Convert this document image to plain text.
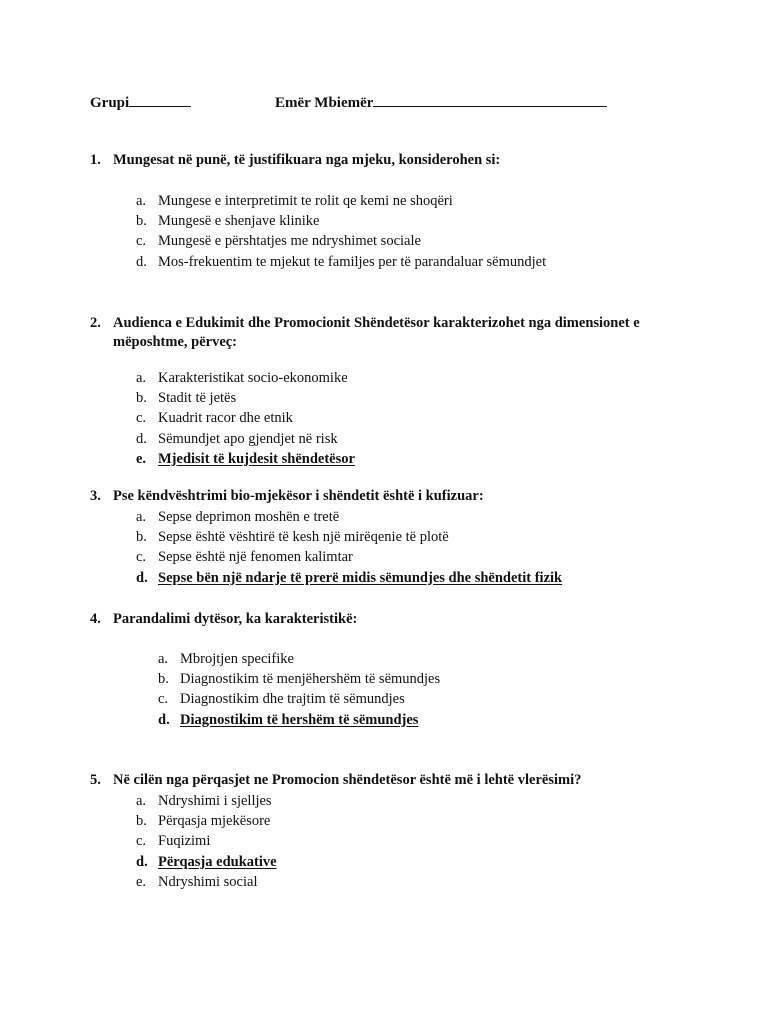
Grupi	Emër Mbiemër
1. Mungesat në punë, të justifikuara nga mjeku, konsiderohen si:
a. Mungese e interpretimit te rolit qe kemi ne shoqëri
b. Mungesë e shenjave klinike
c. Mungesë e përshtatjes me ndryshimet sociale
d. Mos-frekuentim te mjekut te familjes per të parandaluar sëmundjet
2. Audienca e Edukimit dhe Promocionit Shëndetësor karakterizohet nga dimensionet e mëposhtme, përveç:
a. Karakteristikat socio-ekonomike
b. Stadit të jetës
c. Kuadrit racor dhe etnik
d. Sëmundjet apo gjendjet në risk
e. Mjedisit të kujdesit shëndetësor
3. Pse këndvështrimi bio-mjekësor i shëndetit është i kufizuar:
a. Sepse deprimon moshën e tretë
b. Sepse është vështirë të kesh një mirëqenie të plotë
c. Sepse është një fenomen kalimtar
d. Sepse bën një ndarje të prerë midis sëmundjes dhe shëndetit fizik
4. Parandalimi dytësor, ka karakteristikë:
a. Mbrojtjen specifike
b. Diagnostikim të menjëhershëm të sëmundjes
c. Diagnostikim dhe trajtim të sëmundjes
d. Diagnostikim të hershëm të sëmundjes
5. Në cilën nga përqasjet ne Promocion shëndetësor është më i lehtë vlerësimi?
a. Ndryshimi i sjelljes
b. Përqasja mjekësore
c. Fuqizimi
d. Përqasja edukative
e. Ndryshimi social
